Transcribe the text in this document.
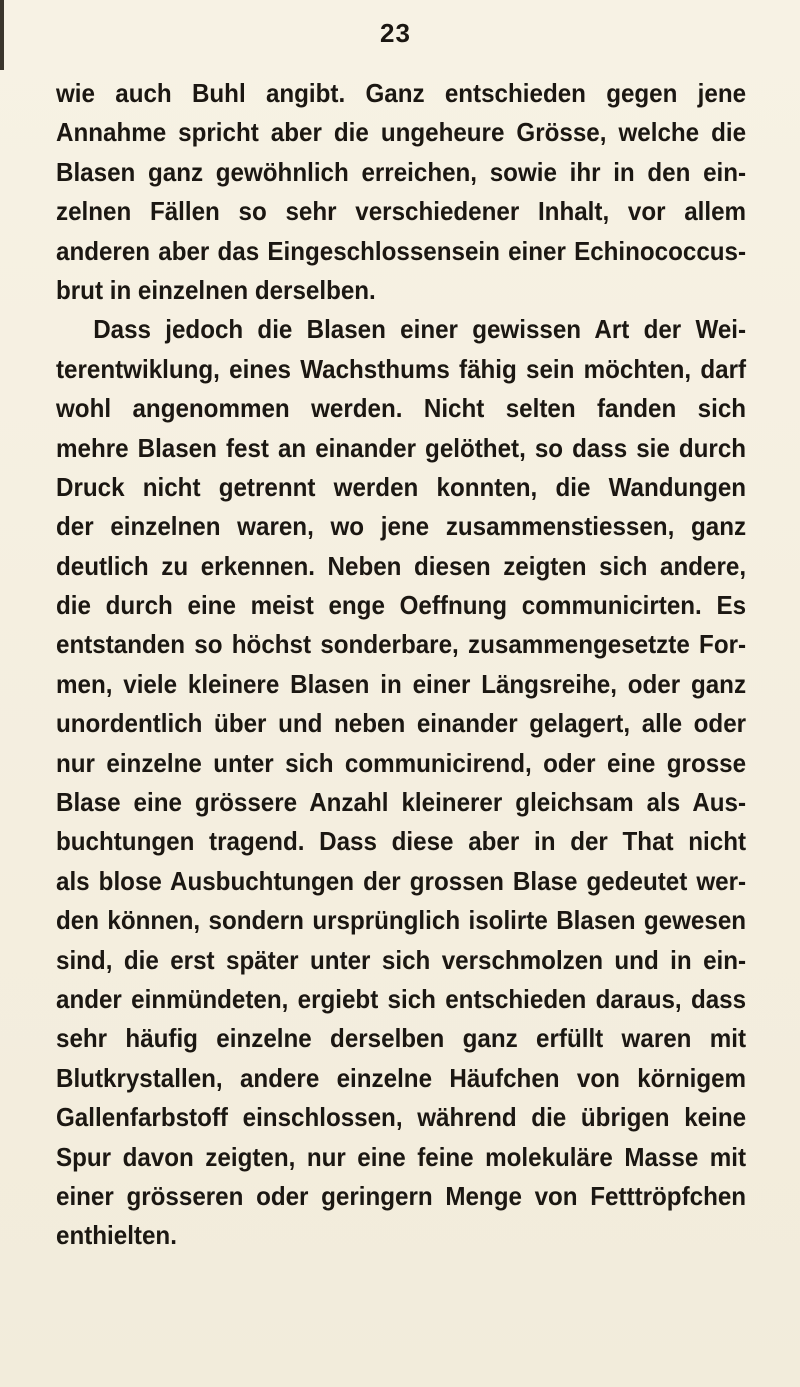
23
wie auch Buhl angibt. Ganz entschieden gegen jene
Annahme spricht aber die ungeheure Grösse, welche die
Blasen ganz gewöhnlich erreichen, sowie ihr in den ein-
zelnen Fällen so sehr verschiedener Inhalt, vor allem
anderen aber das Eingeschlossensein einer Echinococcus-
brut in einzelnen derselben.
Dass jedoch die Blasen einer gewissen Art der Wei-
terentwiklung, eines Wachsthums fähig sein möchten, darf
wohl angenommen werden. Nicht selten fanden sich
mehre Blasen fest an einander gelöthet, so dass sie durch
Druck nicht getrennt werden konnten, die Wandungen
der einzelnen waren, wo jene zusammenstiessen, ganz
deutlich zu erkennen. Neben diesen zeigten sich andere,
die durch eine meist enge Oeffnung communicirten. Es
entstanden so höchst sonderbare, zusammengesetzte For-
men, viele kleinere Blasen in einer Längsreihe, oder ganz
unordentlich über und neben einander gelagert, alle oder
nur einzelne unter sich communicirend, oder eine grosse
Blase eine grössere Anzahl kleinerer gleichsam als Aus-
buchtungen tragend. Dass diese aber in der That nicht
als blose Ausbuchtungen der grossen Blase gedeutet wer-
den können, sondern ursprünglich isolirte Blasen gewesen
sind, die erst später unter sich verschmolzen und in ein-
ander einmündeten, ergiebt sich entschieden daraus, dass
sehr häufig einzelne derselben ganz erfüllt waren mit
Blutkrystallen, andere einzelne Häufchen von körnigem
Gallenfarbstoff einschlossen, während die übrigen keine
Spur davon zeigten, nur eine feine molekuläre Masse mit
einer grösseren oder geringern Menge von Fetttröpfchen
enthielten.
